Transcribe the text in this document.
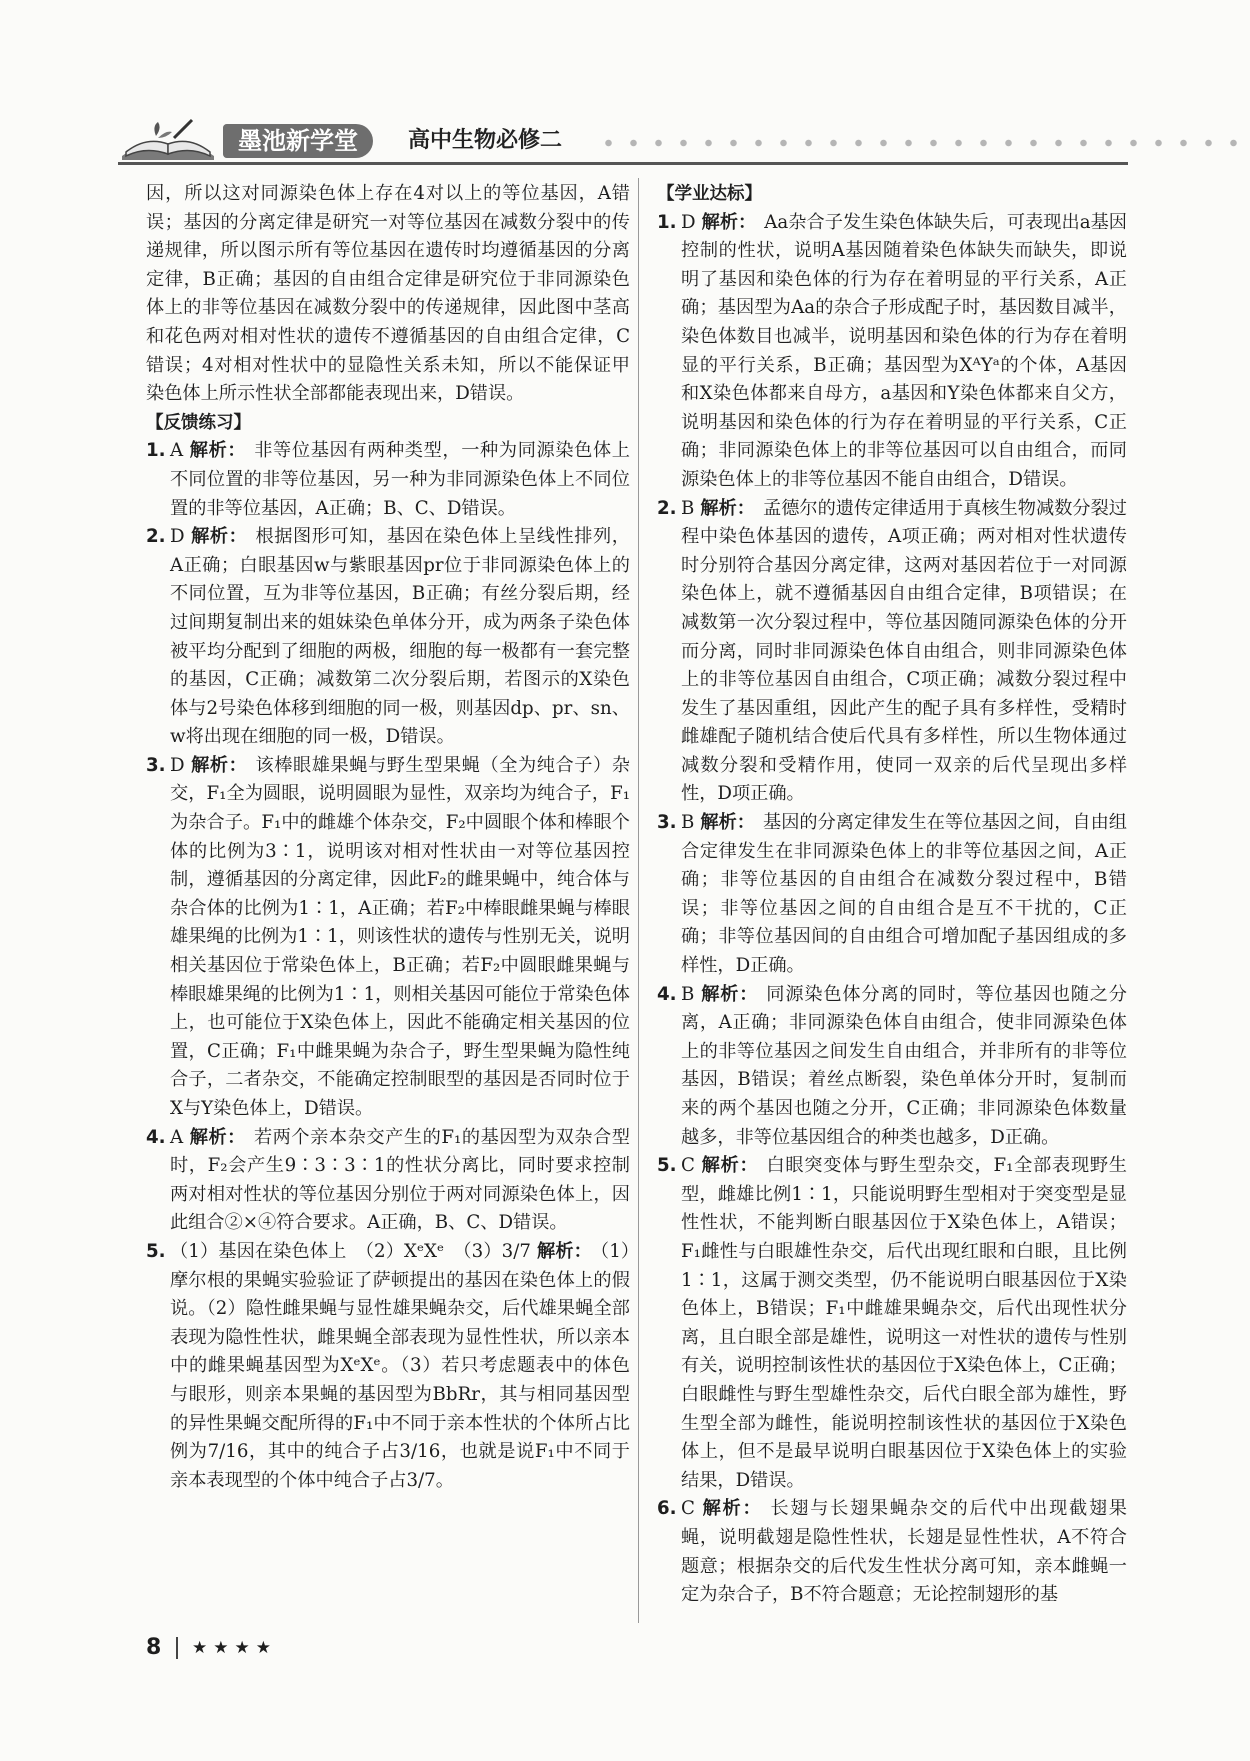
墨池新学堂	高中生物必修二

因，所以这对同源染色体上存在4对以上的等位基因，A错误；基因的分离定律是研究一对等位基因在减数分裂中的传递规律，所以图示所有等位基因在遗传时均遵循基因的分离定律，B正确；基因的自由组合定律是研究位于非同源染色体上的非等位基因在减数分裂中的传递规律，因此图中茎高和花色两对相对性状的遗传不遵循基因的自由组合定律，C错误；4对相对性状中的显隐性关系未知，所以不能保证甲染色体上所示性状全部都能表现出来，D错误。

【反馈练习】

1. A 解析： 非等位基因有两种类型，一种为同源染色体上不同位置的非等位基因，另一种为非同源染色体上不同位置的非等位基因，A正确；B、C、D错误。
2. D 解析： 根据图形可知，基因在染色体上呈线性排列，A正确；白眼基因w与紫眼基因pr位于非同源染色体上的不同位置，互为非等位基因，B正确；有丝分裂后期，经过间期复制出来的姐妹染色单体分开，成为两条子染色体被平均分配到了细胞的两极，细胞的每一极都有一套完整的基因，C正确；减数第二次分裂后期，若图示的X染色体与2号染色体移到细胞的同一极，则基因dp、pr、sn、w将出现在细胞的同一极，D错误。
3. D 解析： 该棒眼雄果蝇与野生型果蝇（全为纯合子）杂交，F₁全为圆眼，说明圆眼为显性，双亲均为纯合子，F₁为杂合子。F₁中的雌雄个体杂交，F₂中圆眼个体和棒眼个体的比例为3∶1，说明该对相对性状由一对等位基因控制，遵循基因的分离定律，因此F₂的雌果蝇中，纯合体与杂合体的比例为1∶1，A正确；若F₂中棒眼雌果蝇与棒眼雄果绳的比例为1∶1，则该性状的遗传与性别无关，说明相关基因位于常染色体上，B正确；若F₂中圆眼雌果蝇与棒眼雄果绳的比例为1∶1，则相关基因可能位于常染色体上，也可能位于X染色体上，因此不能确定相关基因的位置，C正确；F₁中雌果蝇为杂合子，野生型果蝇为隐性纯合子，二者杂交，不能确定控制眼型的基因是否同时位于X与Y染色体上，D错误。
4. A 解析： 若两个亲本杂交产生的F₁的基因型为双杂合型时，F₂会产生9∶3∶3∶1的性状分离比，同时要求控制两对相对性状的等位基因分别位于两对同源染色体上，因此组合②×④符合要求。A正确，B、C、D错误。
5. （1）基因在染色体上　（2）XᵉXᵉ　（3）3/7 解析： （1）摩尔根的果蝇实验验证了萨顿提出的基因在染色体上的假说。（2）隐性雌果蝇与显性雄果蝇杂交，后代雄果蝇全部表现为隐性性状，雌果蝇全部表现为显性性状，所以亲本中的雌果蝇基因型为XᵉXᵉ。（3）若只考虑题表中的体色与眼形，则亲本果蝇的基因型为BbRr，其与相同基因型的异性果蝇交配所得的F₁中不同于亲本性状的个体所占比例为7/16，其中的纯合子占3/16，也就是说F₁中不同于亲本表现型的个体中纯合子占3/7。

【学业达标】

1. D 解析： Aa杂合子发生染色体缺失后，可表现出a基因控制的性状，说明A基因随着染色体缺失而缺失，即说明了基因和染色体的行为存在着明显的平行关系，A正确；基因型为Aa的杂合子形成配子时，基因数目减半，染色体数目也减半，说明基因和染色体的行为存在着明显的平行关系，B正确；基因型为XᴬYᵃ的个体，A基因和X染色体都来自母方，a基因和Y染色体都来自父方，说明基因和染色体的行为存在着明显的平行关系，C正确；非同源染色体上的非等位基因可以自由组合，而同源染色体上的非等位基因不能自由组合，D错误。
2. B 解析： 孟德尔的遗传定律适用于真核生物减数分裂过程中染色体基因的遗传，A项正确；两对相对性状遗传时分别符合基因分离定律，这两对基因若位于一对同源染色体上，就不遵循基因自由组合定律，B项错误；在减数第一次分裂过程中，等位基因随同源染色体的分开而分离，同时非同源染色体自由组合，则非同源染色体上的非等位基因自由组合，C项正确；减数分裂过程中发生了基因重组，因此产生的配子具有多样性，受精时雌雄配子随机结合使后代具有多样性，所以生物体通过减数分裂和受精作用，使同一双亲的后代呈现出多样性，D项正确。
3. B 解析： 基因的分离定律发生在等位基因之间，自由组合定律发生在非同源染色体上的非等位基因之间，A正确；非等位基因的自由组合在减数分裂过程中，B错误；非等位基因之间的自由组合是互不干扰的，C正确；非等位基因间的自由组合可增加配子基因组成的多样性，D正确。
4. B 解析： 同源染色体分离的同时，等位基因也随之分离，A正确；非同源染色体自由组合，使非同源染色体上的非等位基因之间发生自由组合，并非所有的非等位基因，B错误；着丝点断裂，染色单体分开时，复制而来的两个基因也随之分开，C正确；非同源染色体数量越多，非等位基因组合的种类也越多，D正确。
5. C 解析： 白眼突变体与野生型杂交，F₁全部表现野生型，雌雄比例1∶1，只能说明野生型相对于突变型是显性性状，不能判断白眼基因位于X染色体上，A错误；F₁雌性与白眼雄性杂交，后代出现红眼和白眼，且比例1∶1，这属于测交类型，仍不能说明白眼基因位于X染色体上，B错误；F₁中雌雄果蝇杂交，后代出现性状分离，且白眼全部是雄性，说明这一对性状的遗传与性别有关，说明控制该性状的基因位于X染色体上，C正确；白眼雌性与野生型雄性杂交，后代白眼全部为雄性，野生型全部为雌性，能说明控制该性状的基因位于X染色体上，但不是最早说明白眼基因位于X染色体上的实验结果，D错误。
6. C 解析： 长翅与长翅果蝇杂交的后代中出现截翅果蝇，说明截翅是隐性性状，长翅是显性性状，A不符合题意；根据杂交的后代发生性状分离可知，亲本雌蝇一定为杂合子，B不符合题意；无论控制翅形的基
8 ★★★★
